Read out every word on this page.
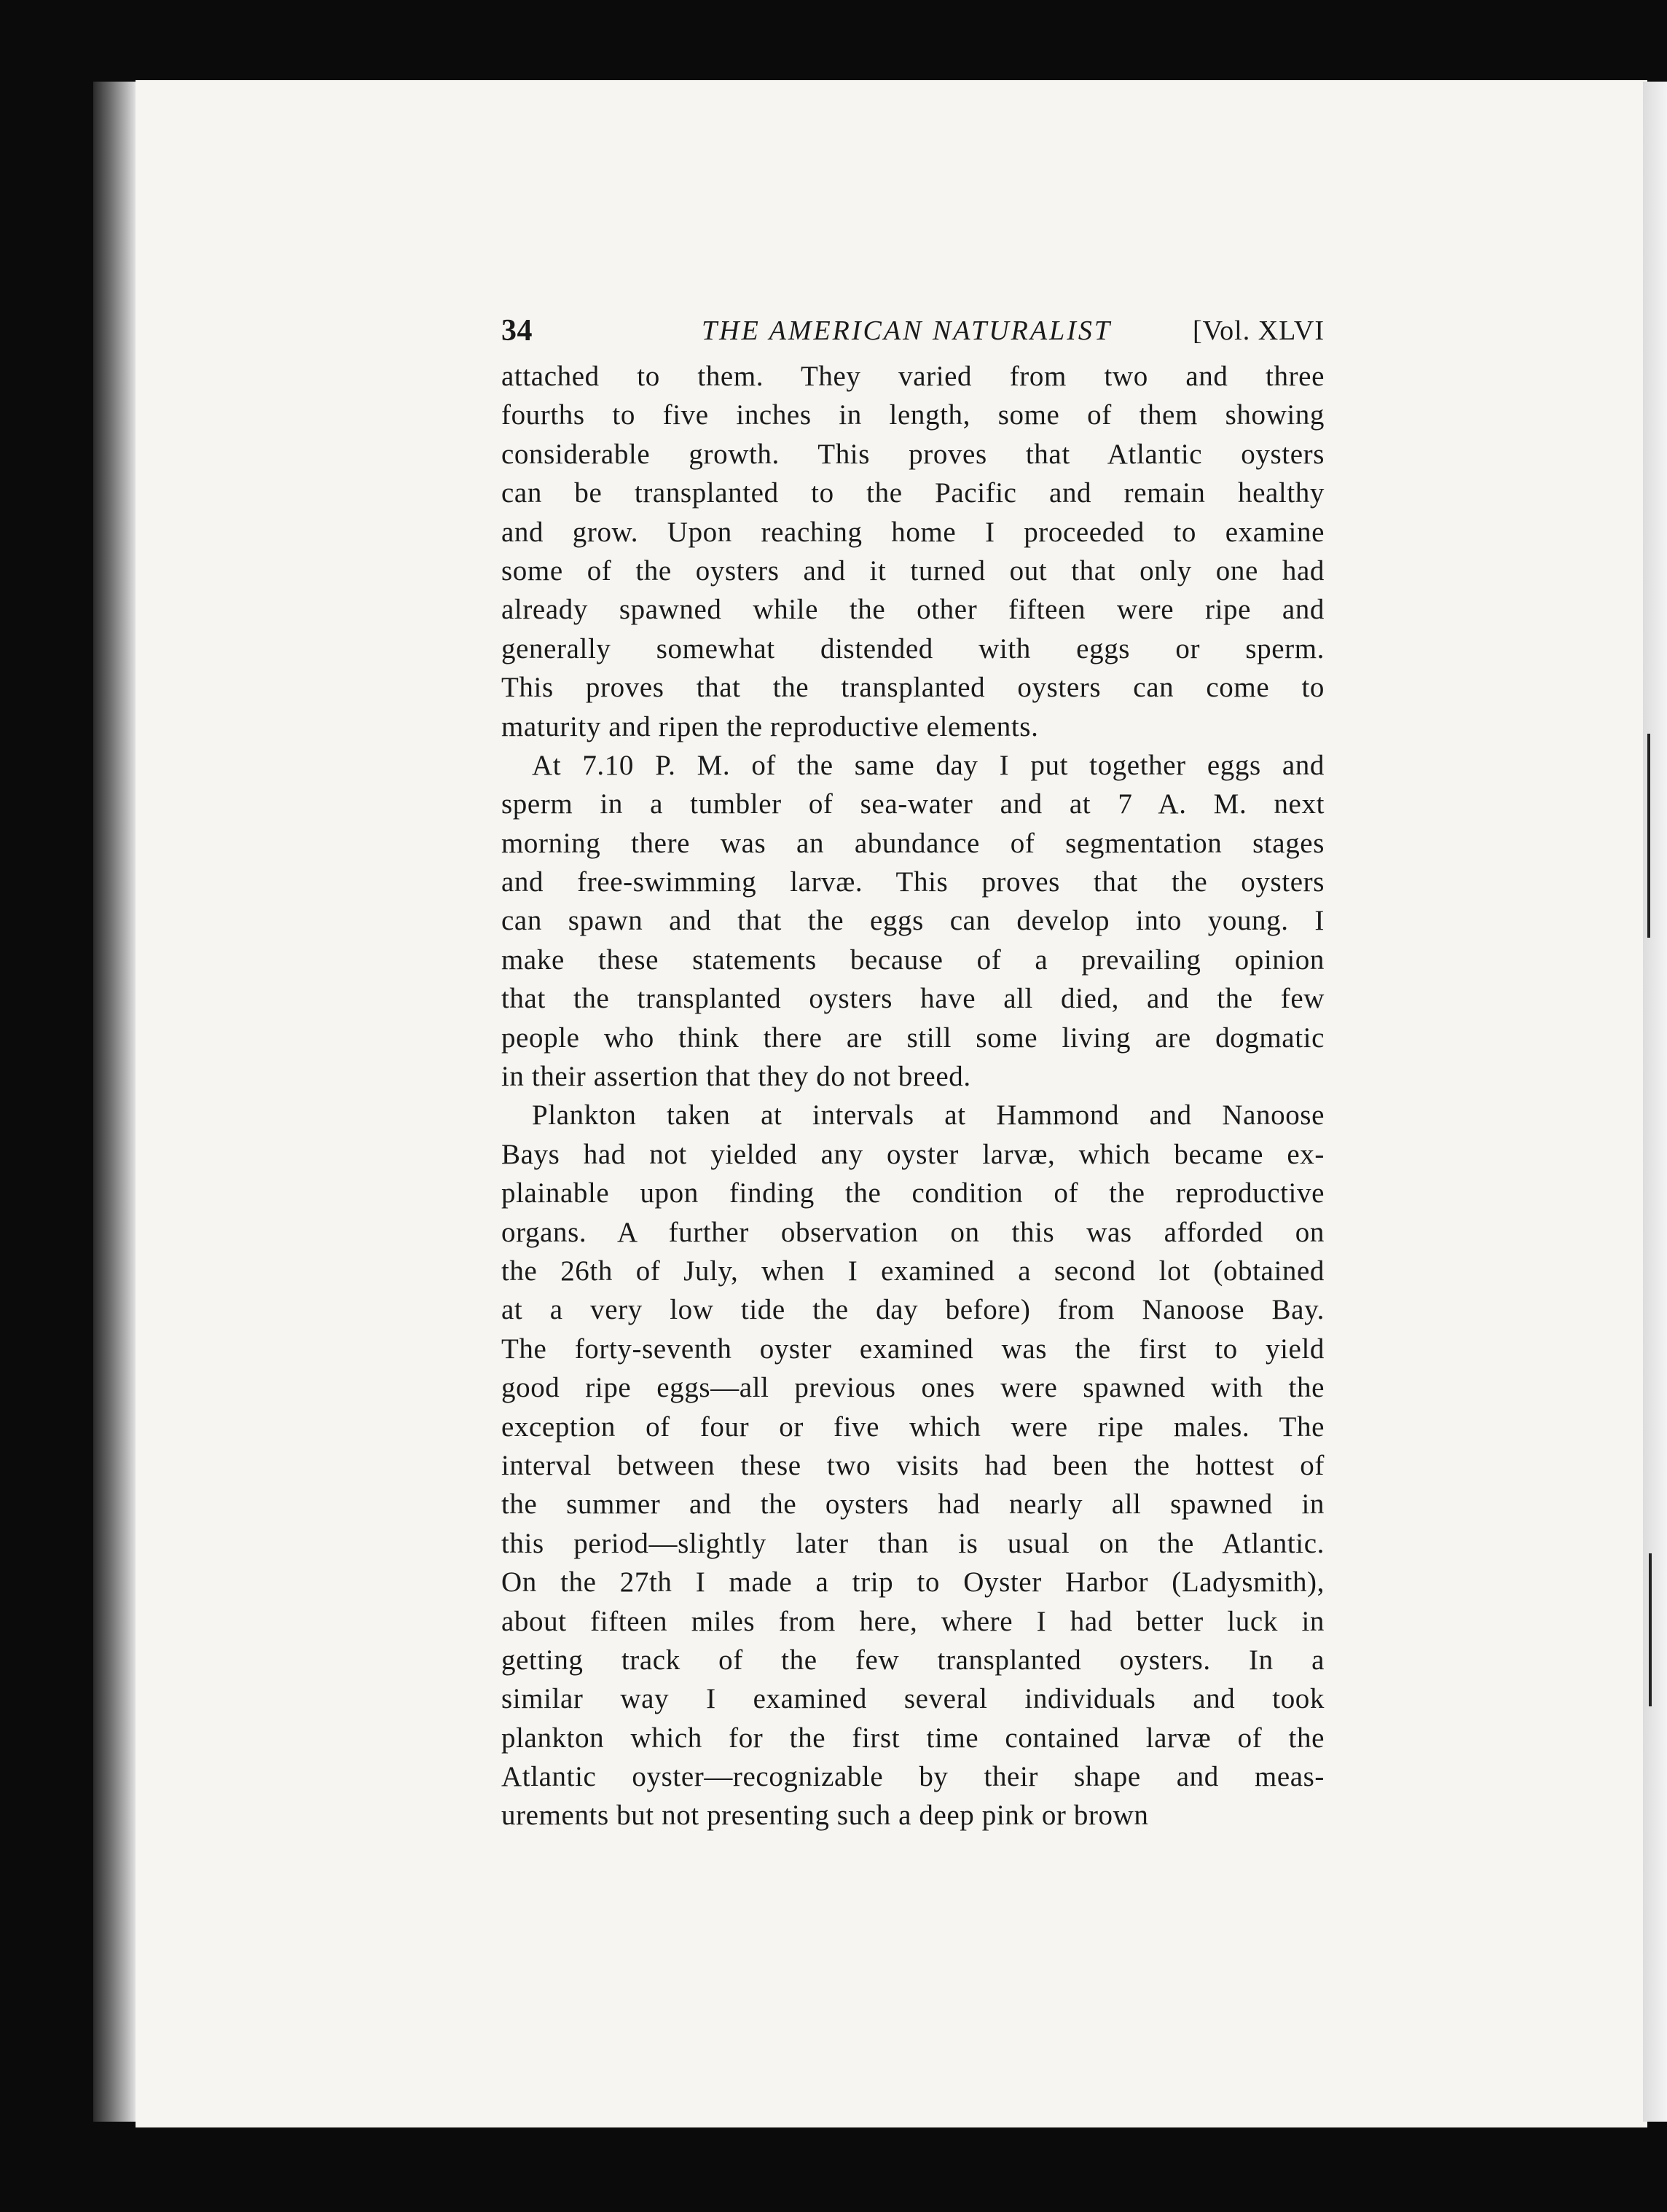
34	THE AMERICAN NATURALIST	[Vol. XLVI
attached to them. They varied from two and three
fourths to five inches in length, some of them showing
considerable growth. This proves that Atlantic oysters
can be transplanted to the Pacific and remain healthy
and grow. Upon reaching home I proceeded to examine
some of the oysters and it turned out that only one had
already spawned while the other fifteen were ripe and
generally somewhat distended with eggs or sperm.
This proves that the transplanted oysters can come to
maturity and ripen the reproductive elements.
At 7.10 P. M. of the same day I put together eggs and
sperm in a tumbler of sea-water and at 7 A. M. next
morning there was an abundance of segmentation stages
and free-swimming larvæ. This proves that the oysters
can spawn and that the eggs can develop into young. I
make these statements because of a prevailing opinion
that the transplanted oysters have all died, and the few
people who think there are still some living are dogmatic
in their assertion that they do not breed.
Plankton taken at intervals at Hammond and Nanoose
Bays had not yielded any oyster larvæ, which became ex-
plainable upon finding the condition of the reproductive
organs. A further observation on this was afforded on
the 26th of July, when I examined a second lot (obtained
at a very low tide the day before) from Nanoose Bay.
The forty-seventh oyster examined was the first to yield
good ripe eggs—all previous ones were spawned with the
exception of four or five which were ripe males. The
interval between these two visits had been the hottest of
the summer and the oysters had nearly all spawned in
this period—slightly later than is usual on the Atlantic.
On the 27th I made a trip to Oyster Harbor (Ladysmith),
about fifteen miles from here, where I had better luck in
getting track of the few transplanted oysters. In a
similar way I examined several individuals and took
plankton which for the first time contained larvæ of the
Atlantic oyster—recognizable by their shape and meas-
urements but not presenting such a deep pink or brown
